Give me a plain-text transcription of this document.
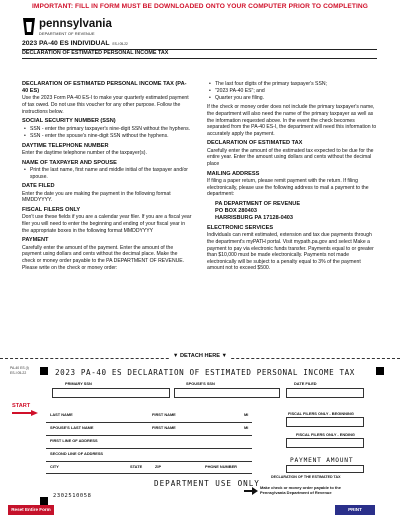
IMPORTANT: FILL IN FORM MUST BE DOWNLOADED ONTO YOUR COMPUTER PRIOR TO COMPLETING
pennsylvania
DEPARTMENT OF REVENUE
2023 PA-40 ES INDIVIDUAL ES-I 05-22
DECLARATION OF ESTIMATED PERSONAL INCOME TAX
DECLARATION OF ESTIMATED PERSONAL INCOME TAX (PA-40 ES)

Use the 2023 Form PA-40 ES-I to make your quarterly estimated payment of tax owed. Do not use this voucher for any other purpose. Follow the instructions below.

SOCIAL SECURITY NUMBER (SSN)
• SSN - enter the primary taxpayer's nine-digit SSN without the hyphens.
• SSN - enter the spouse's nine-digit SSN without the hyphens.
DAYTIME TELEPHONE NUMBER

Enter the daytime telephone number of the taxpayer(s).

NAME OF TAXPAYER AND SPOUSE
• Print the last name, first name and middle initial of the taxpayer and/or spouse.
DATE FILED

Enter the date you are making the payment in the following format MMDDYYYY.

FISCAL FILERS ONLY

Don't use these fields if you are a calendar year filer. If you are a fiscal year filer you will need to enter the beginning and ending of your fiscal year in the appropriate boxes in the following format MMDDYYYY

PAYMENT

Carefully enter the amount of the payment. Enter the amount of the payment using dollars and cents without the decimal place. Make the check or money order payable to the PA DEPARTMENT OF REVENUE. Please write on the check or money order:

• The last four digits of the primary taxpayer's SSN;
• "2023 PA-40 ES"; and
• Quarter you are filing.

If the check or money order does not include the primary taxpayer's name, the department will also need the name of the primary taxpayer as well as the information requested above. In the event the check becomes separated from the PA-40 ES-I, the department will need this information to accurately apply the payment.

DECLARATION OF ESTIMATED TAX

Carefully enter the amount of the estimated tax expected to be due for the entire year. Enter the amount using dollars and cents without the decimal place

MAILING ADDRESS

If filing a paper return, please remit payment with the return. If filing electronically, please use the following address to mail a payment to the department:

PA DEPARTMENT OF REVENUE
PO BOX 280403
HARRISBURG PA 17128-0403
ELECTRONIC SERVICES

Individuals can remit estimated, extension and tax due payments through the department's myPATH portal. Visit mypath.pa.gov and select Make a payment to pay via electronic funds transfer. Payments equal to or greater than $10,000 must be made electronically. Payments not made electronically will be subject to a penalty equal to 3% of the payment amount not to exceed $500.

▼ DETACH HERE ▼
PA-40 ES (I)
ES-I 05-22	2023 PA-40 ES DECLARATION OF ESTIMATED PERSONAL INCOME TAX
PRIMARY SSN	SPOUSE'S SSN	DATE FILED
START
FISCAL FILERS ONLY - BEGINNING
FISCAL FILERS ONLY - ENDING
LAST NAME	FIRST NAME	MI
SPOUSE'S LAST NAME	FIRST NAME	MI
FIRST LINE OF ADDRESS
SECOND LINE OF ADDRESS
CITY	STATE	ZIP	PHONE NUMBER
PAYMENT AMOUNT
DECLARATION OF THE ESTIMATED TAX
DEPARTMENT USE ONLY Make check or money order payable to the Pennsylvania Department of Revenue
2302510058
Reset Entire Form	PRINT
